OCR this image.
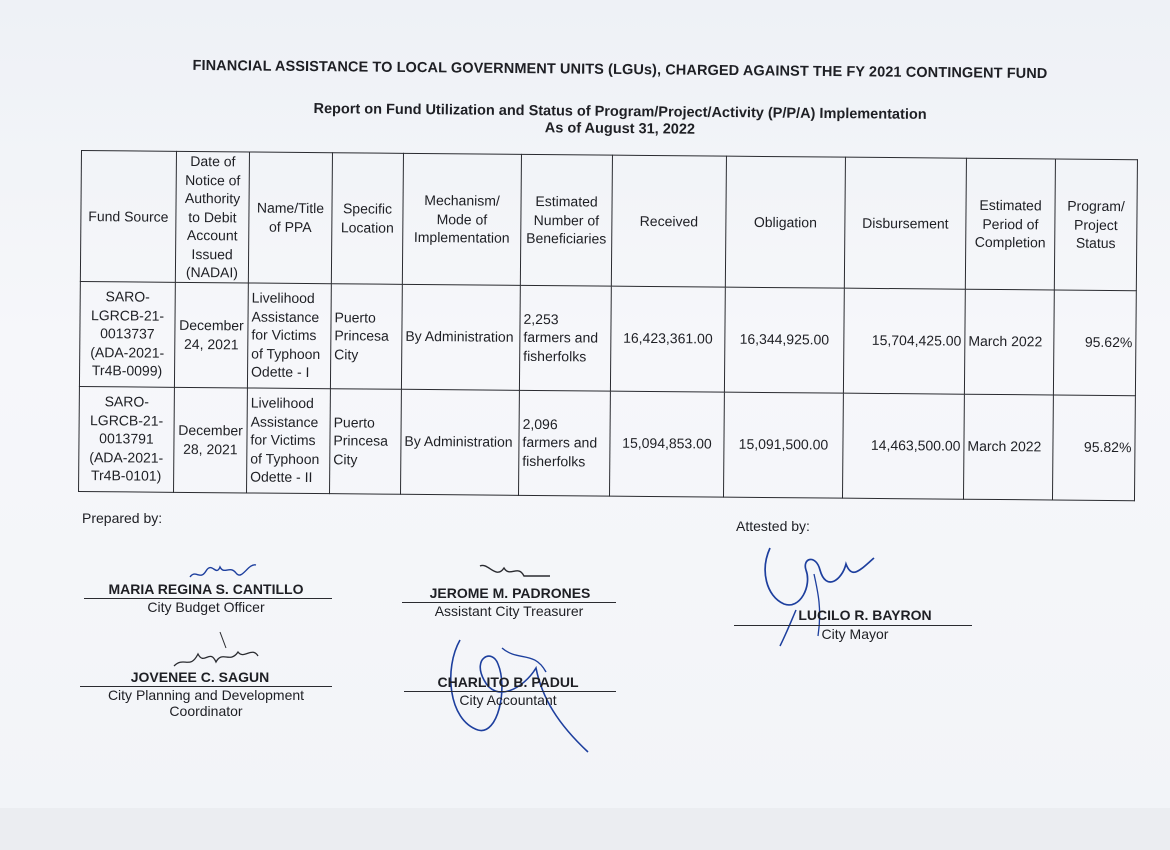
FINANCIAL ASSISTANCE TO LOCAL GOVERNMENT UNITS (LGUs), CHARGED AGAINST THE FY 2021 CONTINGENT FUND
Report on Fund Utilization and Status of Program/Project/Activity (P/P/A) Implementation
As of August 31, 2022
Fund Source	Date of Notice of Authority to Debit Account Issued (NADAI)	Name/Title of PPA	Specific Location	Mechanism/ Mode of Implementation	Estimated Number of Beneficiaries	Received	Obligation	Disbursement	Estimated Period of Completion	Program/ Project Status
SARO-LGRCB-21-0013737 (ADA-2021-Tr4B-0099)	December 24, 2021	Livelihood Assistance for Victims of Typhoon Odette - I	Puerto Princesa City	By Administration	2,253 farmers and fisherfolks	16,423,361.00	16,344,925.00	15,704,425.00	March 2022	95.62%
SARO-LGRCB-21-0013791 (ADA-2021-Tr4B-0101)	December 28, 2021	Livelihood Assistance for Victims of Typhoon Odette - II	Puerto Princesa City	By Administration	2,096 farmers and fisherfolks	15,094,853.00	15,091,500.00	14,463,500.00	March 2022	95.82%
Prepared by:	Attested by:
MARIA REGINA S. CANTILLO
City Budget Officer
JOVENEE C. SAGUN
City Planning and Development Coordinator
JEROME M. PADRONES
Assistant City Treasurer
CHARLITO B. PADUL
City Accountant
LUCILO R. BAYRON
City Mayor
